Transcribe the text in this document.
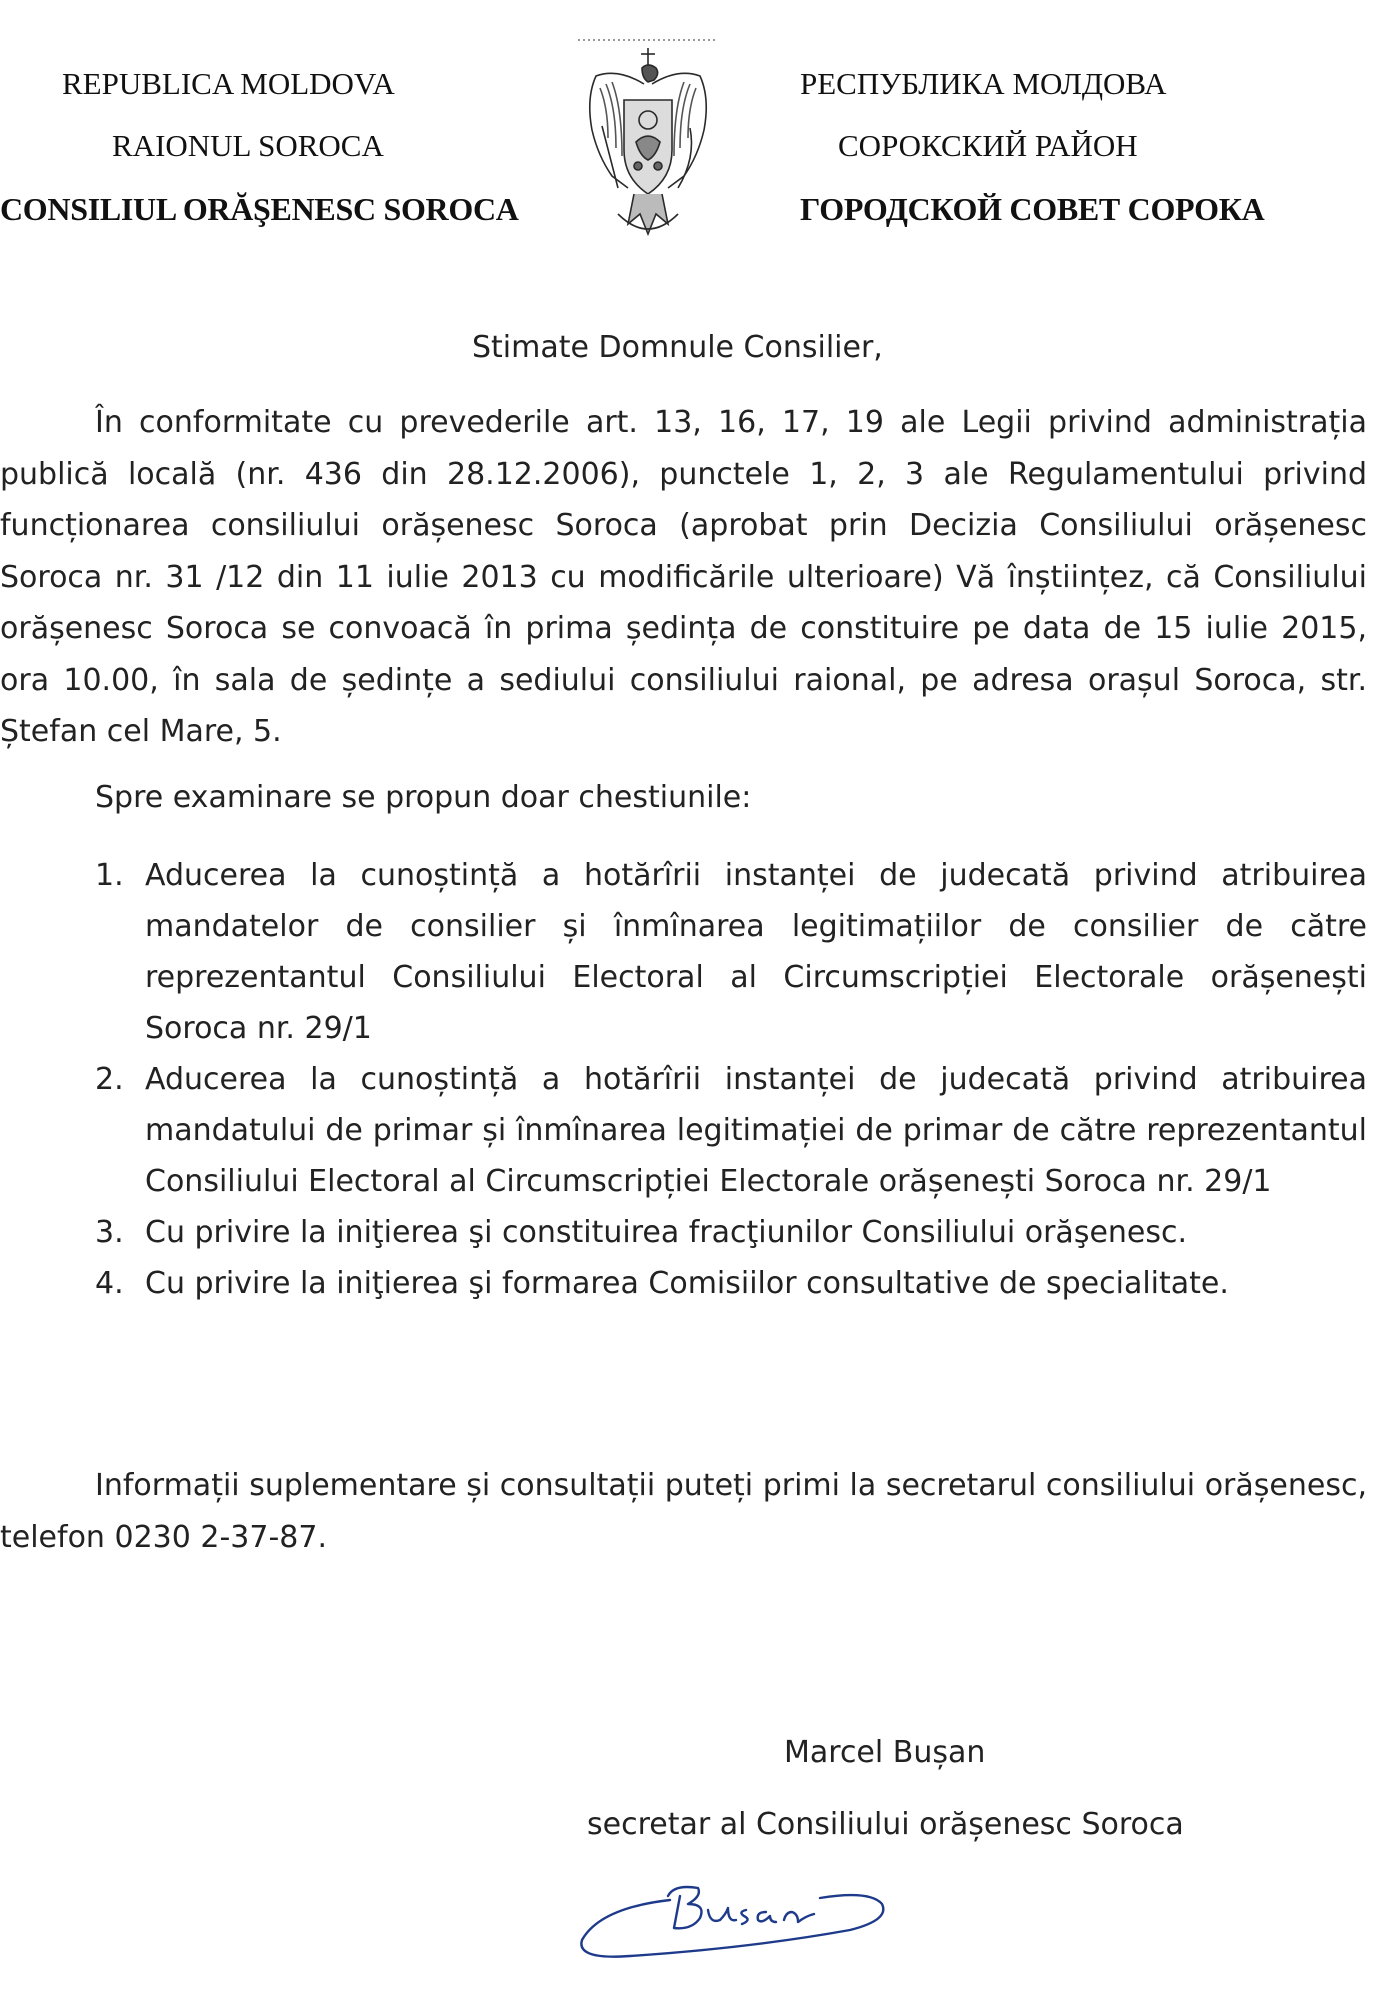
REPUBLICA MOLDOVA
RAIONUL SOROCA
CONSILIUL ORĂŞENESC SOROCA
РЕСПУБЛИКА МОЛДОВА
СОРОКСКИЙ РАЙОН
ГОРОДСКОЙ СОВЕТ СОРОКА
Stimate Domnule Consilier,

În conformitate cu prevederile art. 13, 16, 17, 19 ale Legii privind administrația publică locală (nr. 436 din 28.12.2006), punctele 1, 2, 3 ale Regulamentului privind funcționarea consiliului orășenesc Soroca (aprobat prin Decizia Consiliului orășenesc Soroca nr. 31 /12 din 11 iulie 2013 cu modificările ulterioare) Vă înștiințez, că Consiliului orășenesc Soroca se convoacă în prima ședința de constituire pe data de 15 iulie 2015, ora 10.00, în sala de ședințe a sediului consiliului raional, pe adresa orașul Soroca, str. Ștefan cel Mare, 5.

Spre examinare se propun doar chestiunile:
1. Aducerea la cunoștință a hotărîrii instanței de judecată privind atribuirea mandatelor de consilier și înmînarea legitimațiilor de consilier de către reprezentantul Consiliului Electoral al Circumscripției Electorale orășenești Soroca nr. 29/1
2. Aducerea la cunoștință a hotărîrii instanței de judecată privind atribuirea mandatului de primar și înmînarea legitimației de primar de către reprezentantul Consiliului Electoral al Circumscripției Electorale orășenești Soroca nr. 29/1
3. Cu privire la iniţierea şi constituirea fracţiunilor Consiliului orăşenesc.
4. Cu privire la iniţierea şi formarea Comisiilor consultative de specialitate.

Informații suplementare și consultații puteți primi la secretarul consiliului orășenesc, telefon 0230 2-37-87.

Marcel Bușan
secretar al Consiliului orășenesc Soroca
